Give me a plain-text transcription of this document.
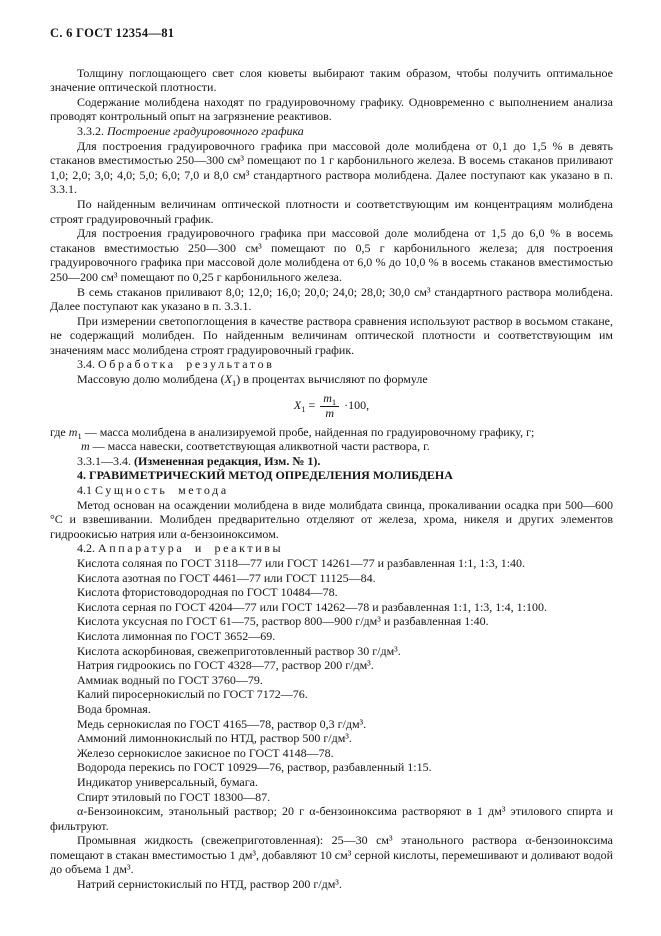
С. 6 ГОСТ 12354—81

Толщину поглощающего свет слоя кюветы выбирают таким образом, чтобы получить оптимальное значение оптической плотности.

Содержание молибдена находят по градуировочному графику. Одновременно с выполнением анализа проводят контрольный опыт на загрязнение реактивов.

3.3.2. Построение градуировочного графика

Для построения градуировочного графика при массовой доле молибдена от 0,1 до 1,5 % в девять стаканов вместимостью 250—300 см³ помещают по 1 г карбонильного железа. В восемь стаканов приливают 1,0; 2,0; 3,0; 4,0; 5,0; 6,0; 7,0 и 8,0 см³ стандартного раствора молибдена. Далее поступают как указано в п. 3.3.1.

По найденным величинам оптической плотности и соответствующим им концентрациям молибдена строят градуировочный график.

Для построения градуировочного графика при массовой доле молибдена от 1,5 до 6,0 % в восемь стаканов вместимостью 250—300 см³ помещают по 0,5 г карбонильного железа; для построения градуировочного графика при массовой доле молибдена от 6,0 % до 10,0 % в восемь стаканов вместимостью 250—200 см³ помещают по 0,25 г карбонильного железа.

В семь стаканов приливают 8,0; 12,0; 16,0; 20,0; 24,0; 28,0; 30,0 см³ стандартного раствора молибдена. Далее поступают как указано в п. 3.3.1.

При измерении светопоглощения в качестве раствора сравнения используют раствор в восьмом стакане, не содержащий молибден. По найденным величинам оптической плотности и соответствующим им значениям масс молибдена строят градуировочный график.

3.4. Обработка результатов

Массовую долю молибдена $(X_1)$ в процентах вычисляют по формуле

$X_1 = \frac{m_1}{m} \cdot 100$,

где $m_1$ — масса молибдена в анализируемой пробе, найденная по градуировочному графику, г;

m — масса навески, соответствующая аликвотной части раствора, г.

3.3.1—3.4. (Измененная редакция, Изм. № 1).

4. ГРАВИМЕТРИЧЕСКИЙ МЕТОД ОПРЕДЕЛЕНИЯ МОЛИБДЕНА

4.1 Сущность метода

Метод основан на осаждении молибдена в виде молибдата свинца, прокаливании осадка при 500—600 °С и взвешивании. Молибден предварительно отделяют от железа, хрома, никеля и других элементов гидроокисью натрия или α-бензоиноксимом.

4.2. Аппаратура и реактивы

Кислота соляная по ГОСТ 3118—77 или ГОСТ 14261—77 и разбавленная 1:1, 1:3, 1:40.

Кислота азотная по ГОСТ 4461—77 или ГОСТ 11125—84.

Кислота фтористоводородная по ГОСТ 10484—78.

Кислота серная по ГОСТ 4204—77 или ГОСТ 14262—78 и разбавленная 1:1, 1:3, 1:4, 1:100.

Кислота уксусная по ГОСТ 61—75, раствор 800—900 г/дм³ и разбавленная 1:40.

Кислота лимонная по ГОСТ 3652—69.

Кислота аскорбиновая, свежеприготовленный раствор 30 г/дм³.

Натрия гидроокись по ГОСТ 4328—77, раствор 200 г/дм³.

Аммиак водный по ГОСТ 3760—79.

Калий пиросернокислый по ГОСТ 7172—76.

Вода бромная.

Медь сернокислая по ГОСТ 4165—78, раствор 0,3 г/дм³.

Аммоний лимоннокислый по НТД, раствор 500 г/дм³.

Железо сернокислое закисное по ГОСТ 4148—78.

Водорода перекись по ГОСТ 10929—76, раствор, разбавленный 1:15.

Индикатор универсальный, бумага.

Спирт этиловый по ГОСТ 18300—87.

α-Бензоиноксим, этанольный раствор; 20 г α-бензоиноксима растворяют в 1 дм³ этилового спирта и фильтруют.

Промывная жидкость (свежеприготовленная): 25—30 см³ этанольного раствора α-бензоиноксима помещают в стакан вместимостью 1 дм³, добавляют 10 см³ серной кислоты, перемешивают и доливают водой до объема 1 дм³.

Натрий сернистокислый по НТД, раствор 200 г/дм³.
